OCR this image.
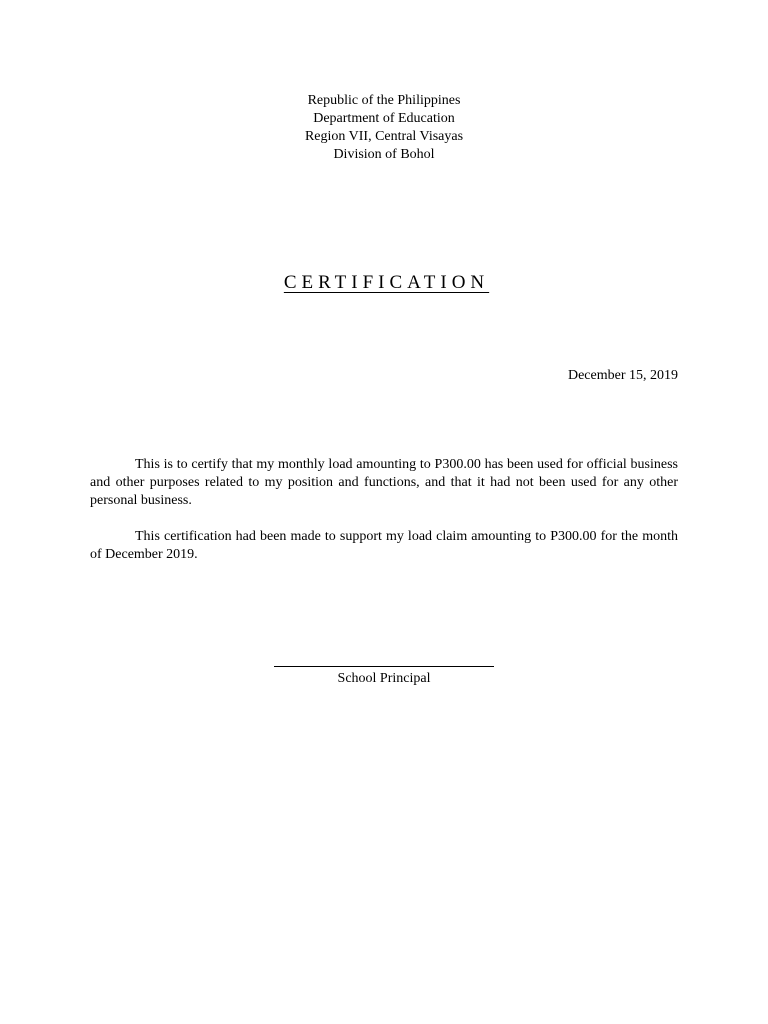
Republic of the Philippines
Department of Education
Region VII, Central Visayas
Division of Bohol
CERTIFICATION
December 15, 2019

This is to certify that my monthly load amounting to P300.00 has been used for official business and other purposes related to my position and functions, and that it had not been used for any other personal business.

This certification had been made to support my load claim amounting to P300.00 for the month of December 2019.

School Principal
